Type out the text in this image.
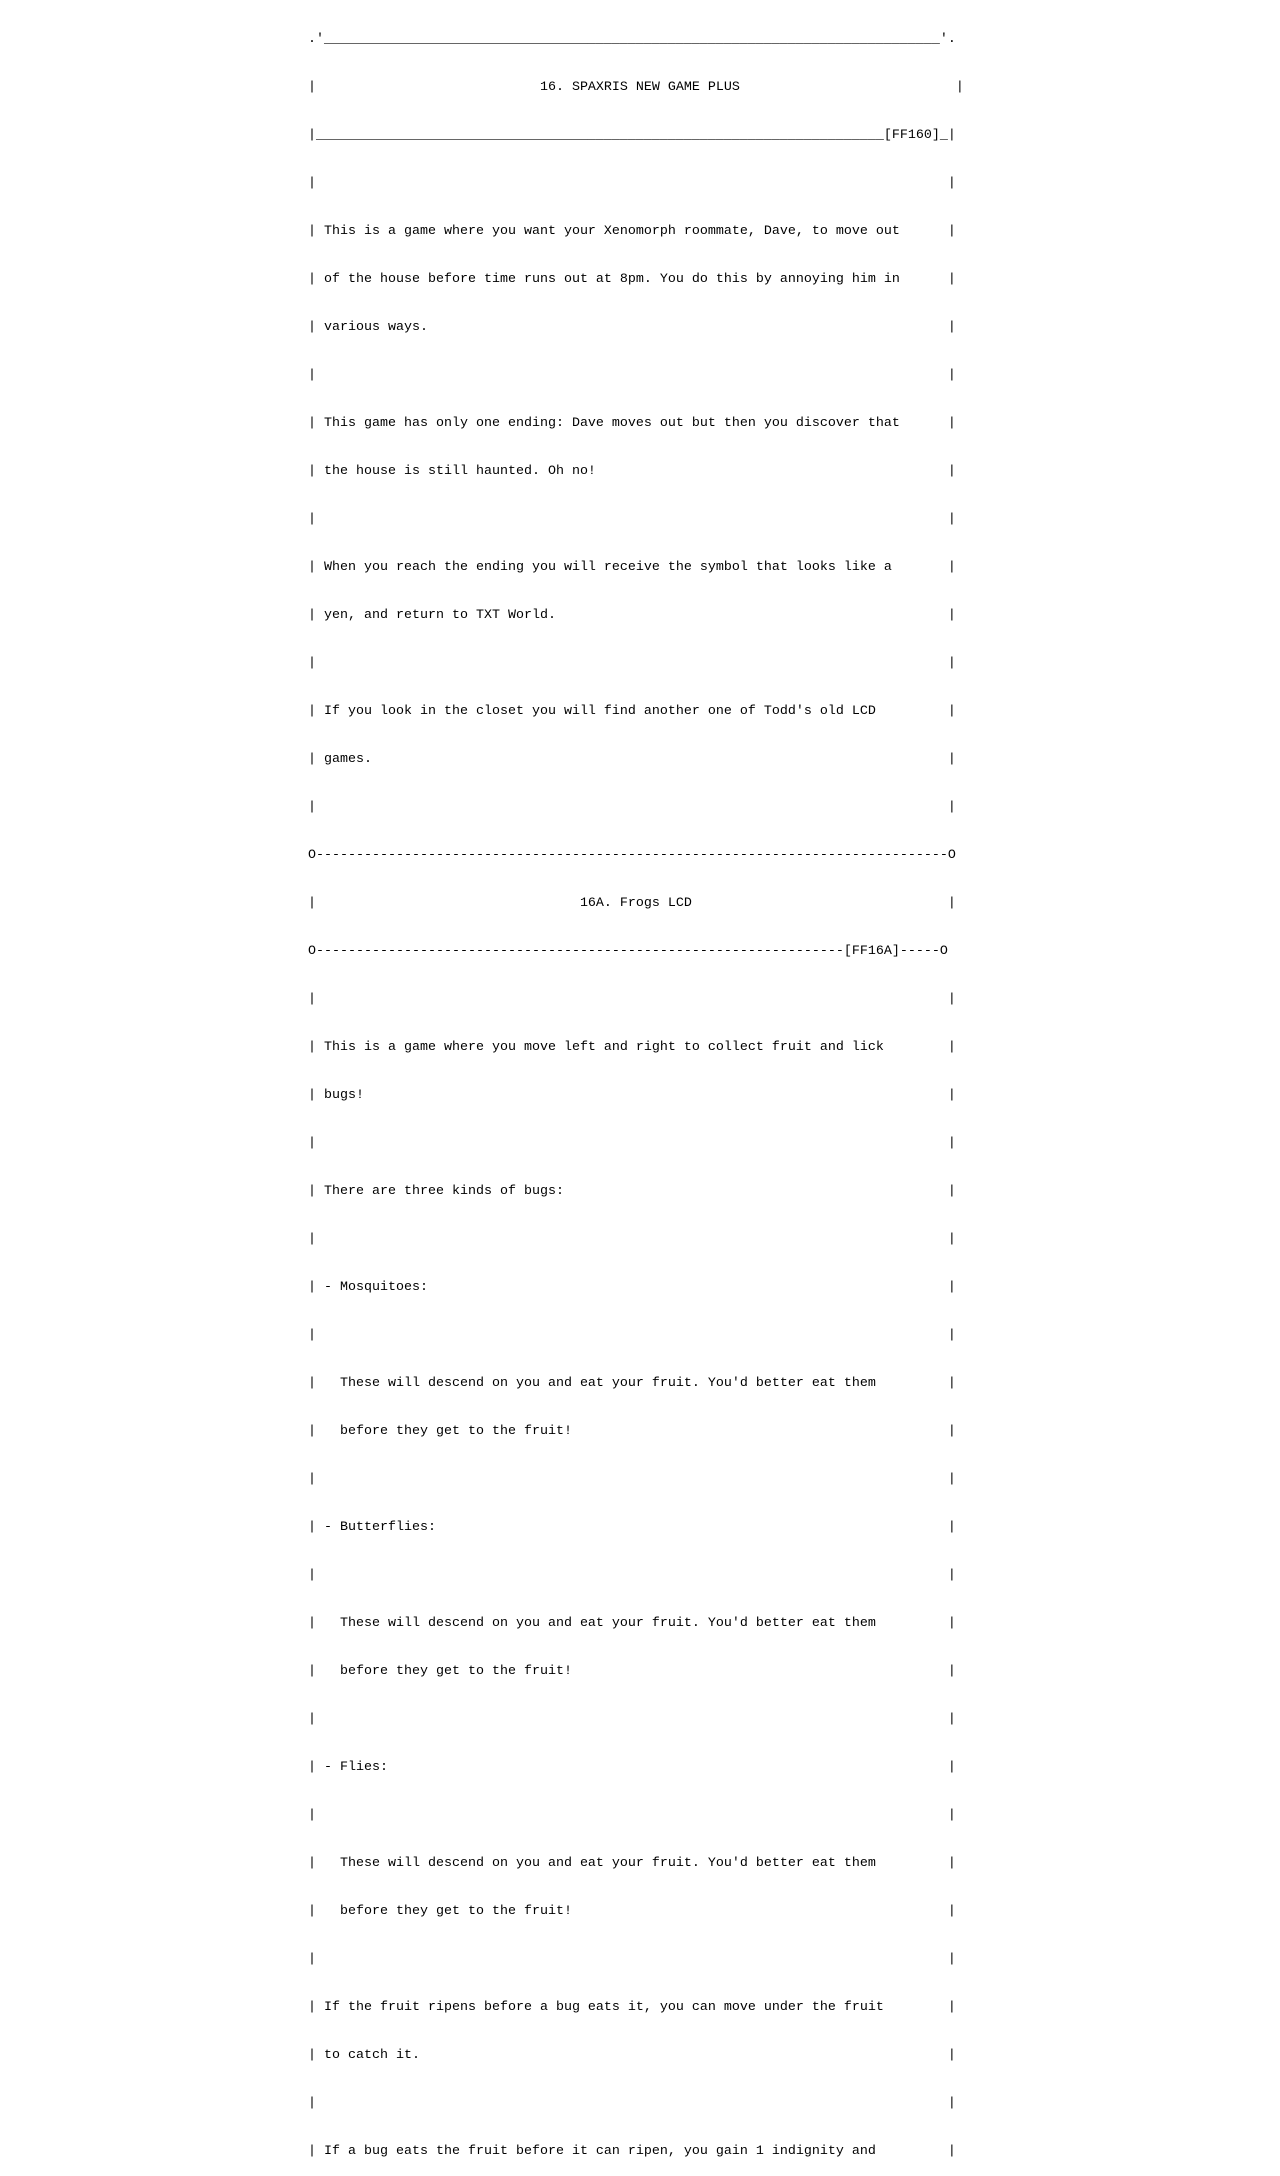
.'_____________________________________________________________________________'.

|                            16. SPAXRIS NEW GAME PLUS                           |

|_______________________________________________________________________[FF160]_|

|                                                                               |

| This is a game where you want your Xenomorph roommate, Dave, to move out      |

| of the house before time runs out at 8pm. You do this by annoying him in      |

| various ways.                                                                 |

|                                                                               |

| This game has only one ending: Dave moves out but then you discover that      |

| the house is still haunted. Oh no!                                            |

|                                                                               |

| When you reach the ending you will receive the symbol that looks like a       |

| yen, and return to TXT World.                                                 |

|                                                                               |

| If you look in the closet you will find another one of Todd's old LCD         |

| games.                                                                        |

|                                                                               |

O-------------------------------------------------------------------------------O

|                                 16A. Frogs LCD                                |

O------------------------------------------------------------------[FF16A]-----O

|                                                                               |

| This is a game where you move left and right to collect fruit and lick        |

| bugs!                                                                         |

|                                                                               |

| There are three kinds of bugs:                                                |

|                                                                               |

| - Mosquitoes:                                                                 |

|                                                                               |

|   These will descend on you and eat your fruit. You'd better eat them         |

|   before they get to the fruit!                                               |

|                                                                               |

| - Butterflies:                                                                |

|                                                                               |

|   These will descend on you and eat your fruit. You'd better eat them         |

|   before they get to the fruit!                                               |

|                                                                               |

| - Flies:                                                                      |

|                                                                               |

|   These will descend on you and eat your fruit. You'd better eat them         |

|   before they get to the fruit!                                               |

|                                                                               |

| If the fruit ripens before a bug eats it, you can move under the fruit        |

| to catch it.                                                                  |

|                                                                               |

| If a bug eats the fruit before it can ripen, you gain 1 indignity and         |
